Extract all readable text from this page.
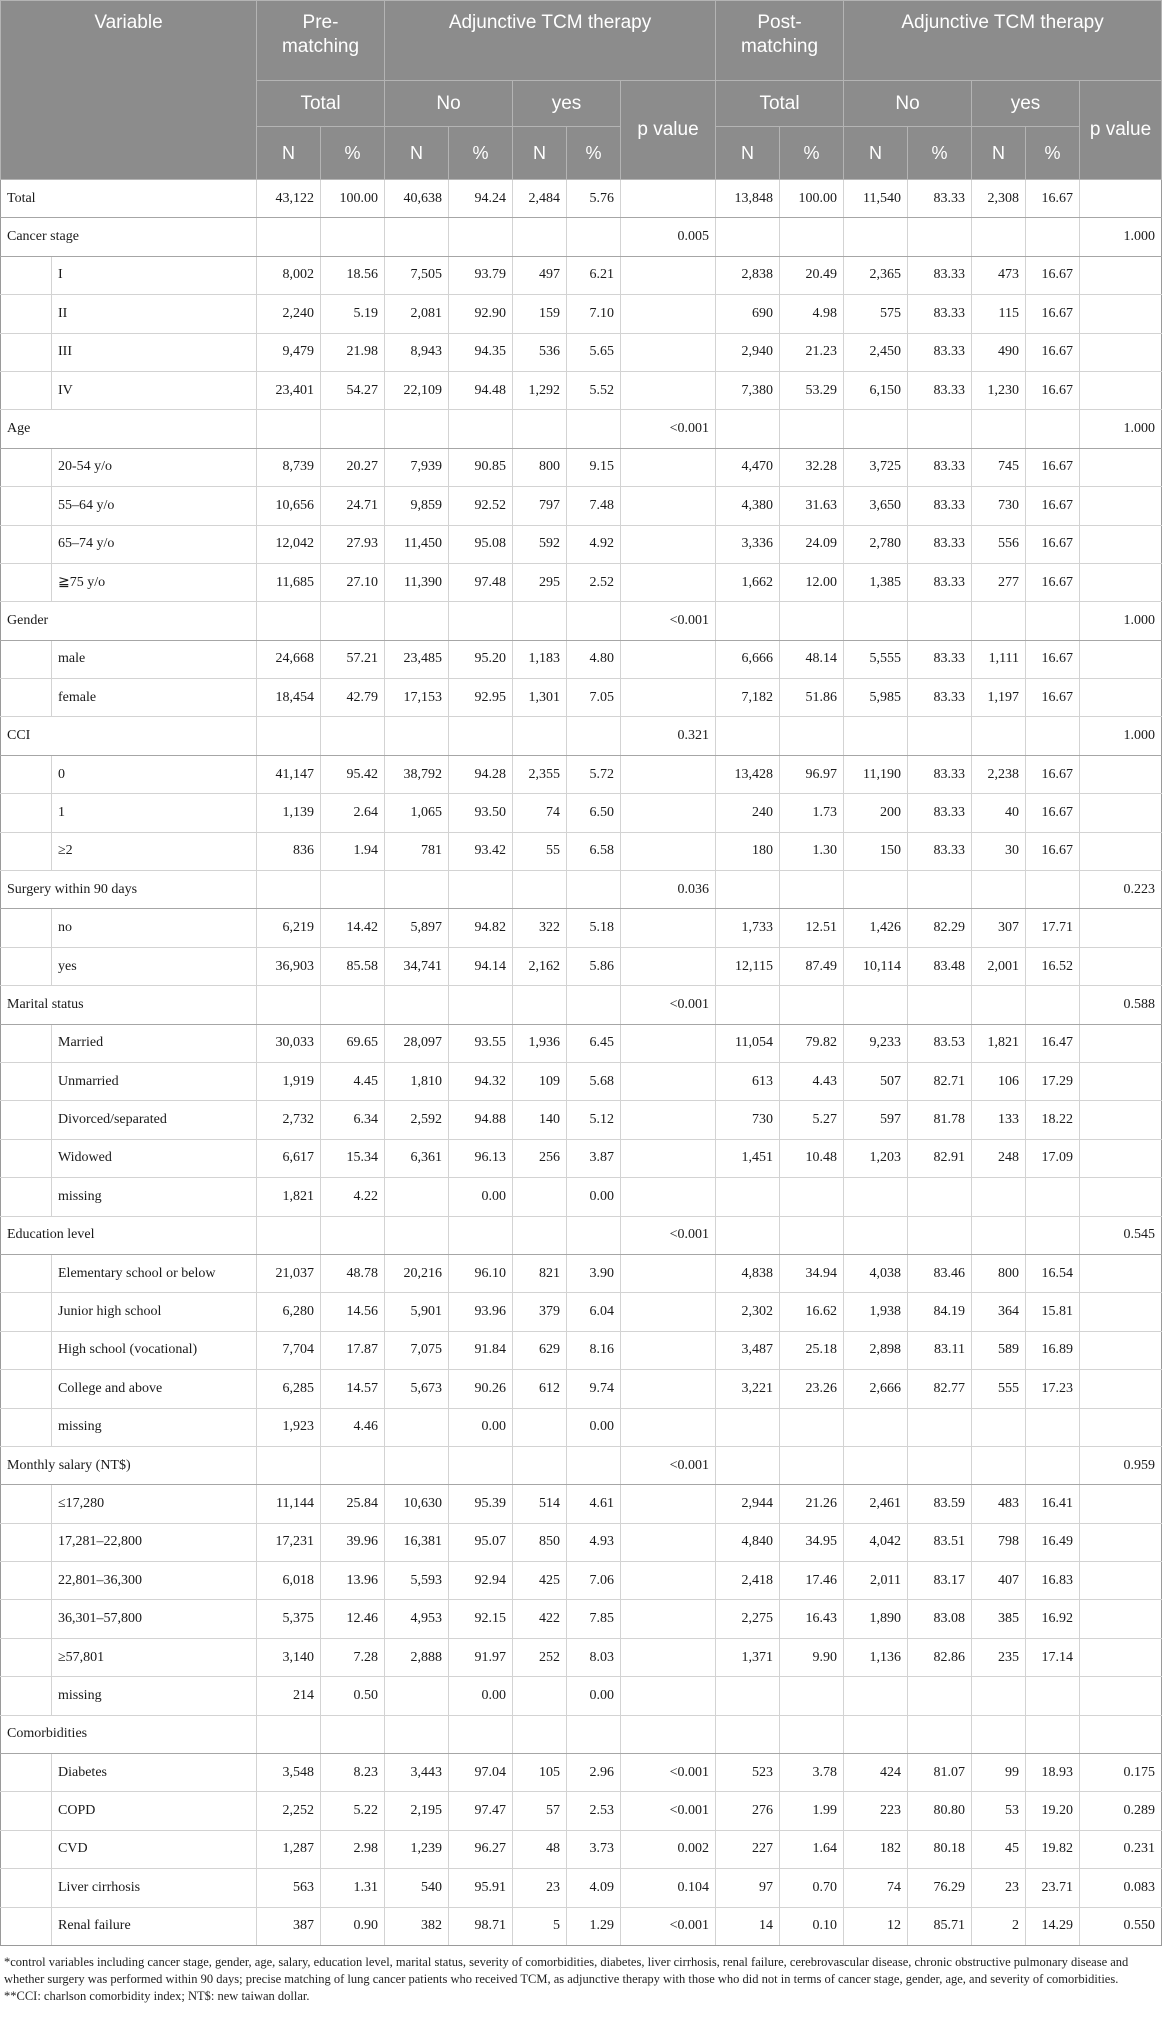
Variable		Pre-
matching		Adjunctive TCM therapy					Post-
matching		Adjunctive TCM therapy				
		Total		No		yes		p value	Total		No		yes		p value
		N	%	N	%	N	%		N	%	N	%	N	%	
Total		43,122	100.00	40,638	94.24	2,484	5.76		13,848	100.00	11,540	83.33	2,308	16.67	
Cancer stage								0.005							1.000
	I	8,002	18.56	7,505	93.79	497	6.21		2,838	20.49	2,365	83.33	473	16.67	
	II	2,240	5.19	2,081	92.90	159	7.10		690	4.98	575	83.33	115	16.67	
	III	9,479	21.98	8,943	94.35	536	5.65		2,940	21.23	2,450	83.33	490	16.67	
	IV	23,401	54.27	22,109	94.48	1,292	5.52		7,380	53.29	6,150	83.33	1,230	16.67	
Age								<0.001							1.000
	20-54 y/o	8,739	20.27	7,939	90.85	800	9.15		4,470	32.28	3,725	83.33	745	16.67	
	55–64 y/o	10,656	24.71	9,859	92.52	797	7.48		4,380	31.63	3,650	83.33	730	16.67	
	65–74 y/o	12,042	27.93	11,450	95.08	592	4.92		3,336	24.09	2,780	83.33	556	16.67	
	≧75 y/o	11,685	27.10	11,390	97.48	295	2.52		1,662	12.00	1,385	83.33	277	16.67	
Gender								<0.001							1.000
	male	24,668	57.21	23,485	95.20	1,183	4.80		6,666	48.14	5,555	83.33	1,111	16.67	
	female	18,454	42.79	17,153	92.95	1,301	7.05		7,182	51.86	5,985	83.33	1,197	16.67	
CCI								0.321							1.000
	0	41,147	95.42	38,792	94.28	2,355	5.72		13,428	96.97	11,190	83.33	2,238	16.67	
	1	1,139	2.64	1,065	93.50	74	6.50		240	1.73	200	83.33	40	16.67	
	≥2	836	1.94	781	93.42	55	6.58		180	1.30	150	83.33	30	16.67	
Surgery within 90 days								0.036							0.223
	no	6,219	14.42	5,897	94.82	322	5.18		1,733	12.51	1,426	82.29	307	17.71	
	yes	36,903	85.58	34,741	94.14	2,162	5.86		12,115	87.49	10,114	83.48	2,001	16.52	
Marital status								<0.001							0.588
	Married	30,033	69.65	28,097	93.55	1,936	6.45		11,054	79.82	9,233	83.53	1,821	16.47	
	Unmarried	1,919	4.45	1,810	94.32	109	5.68		613	4.43	507	82.71	106	17.29	
	Divorced/separated	2,732	6.34	2,592	94.88	140	5.12		730	5.27	597	81.78	133	18.22	
	Widowed	6,617	15.34	6,361	96.13	256	3.87		1,451	10.48	1,203	82.91	248	17.09	
	missing	1,821	4.22		0.00		0.00								
Education level								<0.001							0.545
	Elementary school or below	21,037	48.78	20,216	96.10	821	3.90		4,838	34.94	4,038	83.46	800	16.54	
	Junior high school	6,280	14.56	5,901	93.96	379	6.04		2,302	16.62	1,938	84.19	364	15.81	
	High school (vocational)	7,704	17.87	7,075	91.84	629	8.16		3,487	25.18	2,898	83.11	589	16.89	
	College and above	6,285	14.57	5,673	90.26	612	9.74		3,221	23.26	2,666	82.77	555	17.23	
	missing	1,923	4.46		0.00		0.00								
Monthly salary (NT$)								<0.001							0.959
	≤17,280	11,144	25.84	10,630	95.39	514	4.61		2,944	21.26	2,461	83.59	483	16.41	
	17,281–22,800	17,231	39.96	16,381	95.07	850	4.93		4,840	34.95	4,042	83.51	798	16.49	
	22,801–36,300	6,018	13.96	5,593	92.94	425	7.06		2,418	17.46	2,011	83.17	407	16.83	
	36,301–57,800	5,375	12.46	4,953	92.15	422	7.85		2,275	16.43	1,890	83.08	385	16.92	
	≥57,801	3,140	7.28	2,888	91.97	252	8.03		1,371	9.90	1,136	82.86	235	17.14	
	missing	214	0.50		0.00		0.00								
Comorbidities															
	Diabetes	3,548	8.23	3,443	97.04	105	2.96	<0.001	523	3.78	424	81.07	99	18.93	0.175
	COPD	2,252	5.22	2,195	97.47	57	2.53	<0.001	276	1.99	223	80.80	53	19.20	0.289
	CVD	1,287	2.98	1,239	96.27	48	3.73	0.002	227	1.64	182	80.18	45	19.82	0.231
	Liver cirrhosis	563	1.31	540	95.91	23	4.09	0.104	97	0.70	74	76.29	23	23.71	0.083
	Renal failure	387	0.90	382	98.71	5	1.29	<0.001	14	0.10	12	85.71	2	14.29	0.550

*control variables including cancer stage, gender, age, salary, education level, marital status, severity of comorbidities, diabetes, liver cirrhosis, renal failure, cerebrovascular disease, chronic obstructive pulmonary disease and whether surgery was performed within 90 days; precise matching of lung cancer patients who received TCM, as adjunctive therapy with those who did not in terms of cancer stage, gender, age, and severity of comorbidities.

**CCI: charlson comorbidity index; NT$: new taiwan dollar.
